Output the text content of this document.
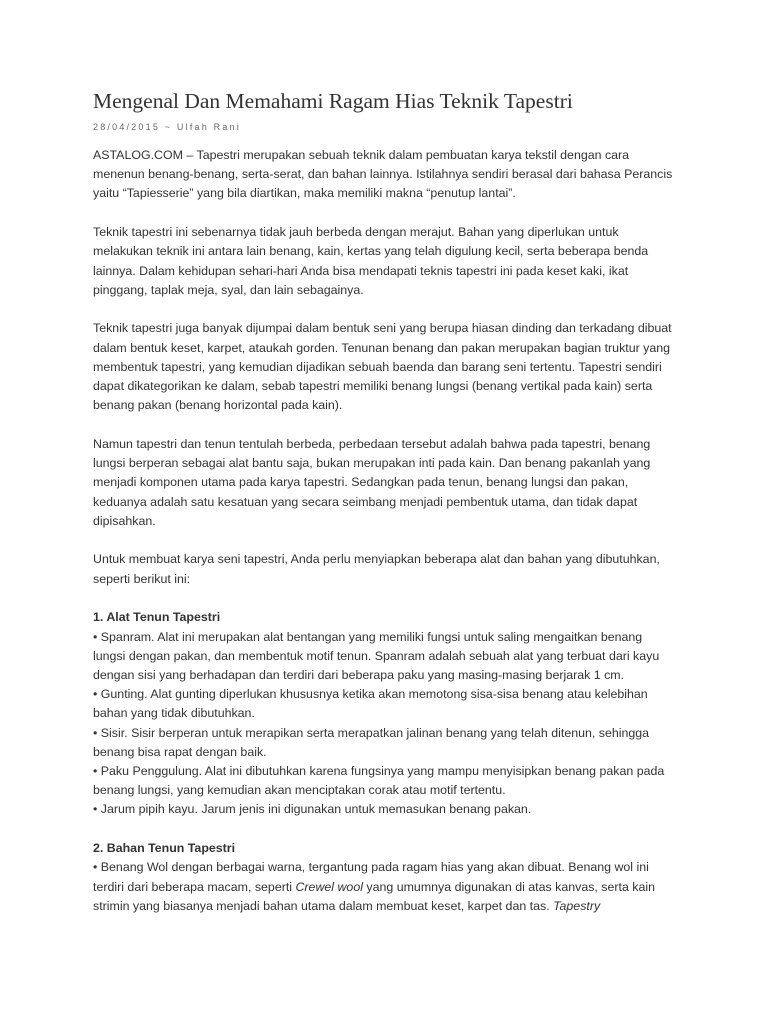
Mengenal Dan Memahami Ragam Hias Teknik Tapestri
28/04/2015 ~ Ulfah Rani

ASTALOG.COM – Tapestri merupakan sebuah teknik dalam pembuatan karya tekstil dengan cara menenun benang-benang, serta-serat, dan bahan lainnya. Istilahnya sendiri berasal dari bahasa Perancis yaitu “Tapiesserie” yang bila diartikan, maka memiliki makna “penutup lantai”.

Teknik tapestri ini sebenarnya tidak jauh berbeda dengan merajut. Bahan yang diperlukan untuk melakukan teknik ini antara lain benang, kain, kertas yang telah digulung kecil, serta beberapa benda lainnya. Dalam kehidupan sehari-hari Anda bisa mendapati teknis tapestri ini pada keset kaki, ikat pinggang, taplak meja, syal, dan lain sebagainya.

Teknik tapestri juga banyak dijumpai dalam bentuk seni yang berupa hiasan dinding dan terkadang dibuat dalam bentuk keset, karpet, ataukah gorden. Tenunan benang dan pakan merupakan bagian truktur yang membentuk tapestri, yang kemudian dijadikan sebuah baenda dan barang seni tertentu. Tapestri sendiri dapat dikategorikan ke dalam, sebab tapestri memiliki benang lungsi (benang vertikal pada kain) serta benang pakan (benang horizontal pada kain).

Namun tapestri dan tenun tentulah berbeda, perbedaan tersebut adalah bahwa pada tapestri, benang lungsi berperan sebagai alat bantu saja, bukan merupakan inti pada kain. Dan benang pakanlah yang menjadi komponen utama pada karya tapestri. Sedangkan pada tenun, benang lungsi dan pakan, keduanya adalah satu kesatuan yang secara seimbang menjadi pembentuk utama, dan tidak dapat dipisahkan.

Untuk membuat karya seni tapestri, Anda perlu menyiapkan beberapa alat dan bahan yang dibutuhkan, seperti berikut ini:

1. Alat Tenun Tapestri
• Spanram. Alat ini merupakan alat bentangan yang memiliki fungsi untuk saling mengaitkan benang lungsi dengan pakan, dan membentuk motif tenun. Spanram adalah sebuah alat yang terbuat dari kayu dengan sisi yang berhadapan dan terdiri dari beberapa paku yang masing-masing berjarak 1 cm.
• Gunting. Alat gunting diperlukan khususnya ketika akan memotong sisa-sisa benang atau kelebihan bahan yang tidak dibutuhkan.
• Sisir. Sisir berperan untuk merapikan serta merapatkan jalinan benang yang telah ditenun, sehingga benang bisa rapat dengan baik.
• Paku Penggulung. Alat ini dibutuhkan karena fungsinya yang mampu menyisipkan benang pakan pada benang lungsi, yang kemudian akan menciptakan corak atau motif tertentu.
• Jarum pipih kayu. Jarum jenis ini digunakan untuk memasukan benang pakan.
2. Bahan Tenun Tapestri
• Benang Wol dengan berbagai warna, tergantung pada ragam hias yang akan dibuat. Benang wol ini terdiri dari beberapa macam, seperti Crewel wool yang umumnya digunakan di atas kanvas, serta kain strimin yang biasanya menjadi bahan utama dalam membuat keset, karpet dan tas. Tapestry
